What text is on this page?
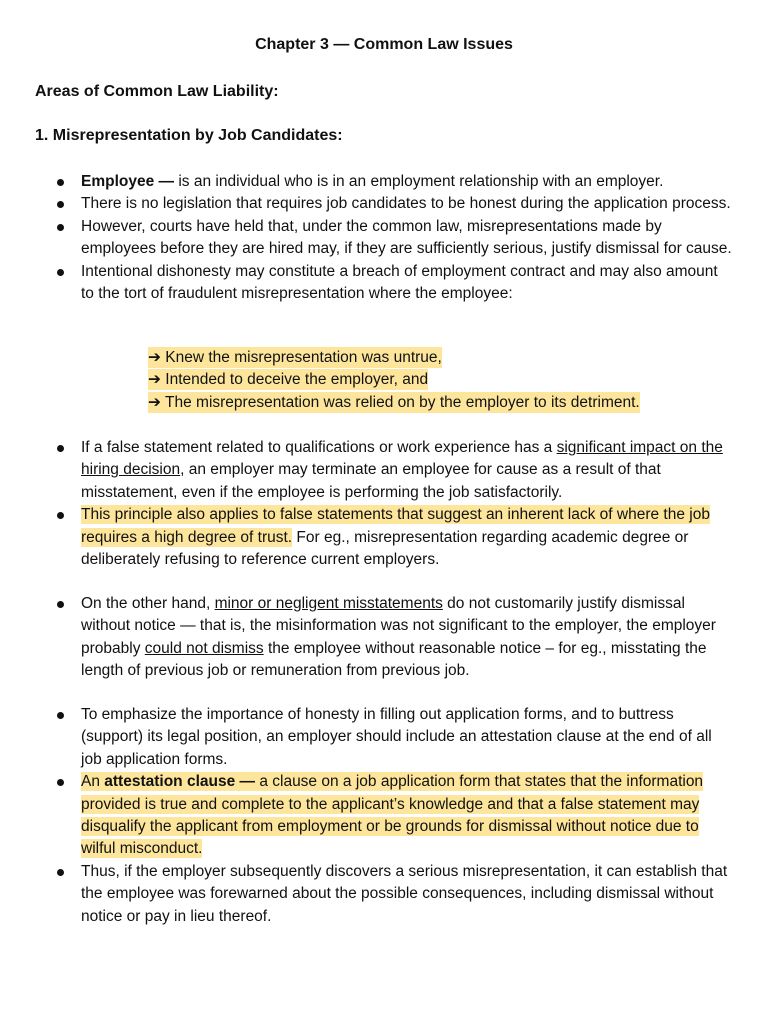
Chapter 3 — Common Law Issues
Areas of Common Law Liability:
1. Misrepresentation by Job Candidates:
Employee — is an individual who is in an employment relationship with an employer.
There is no legislation that requires job candidates to be honest during the application process.
However, courts have held that, under the common law, misrepresentations made by employees before they are hired may, if they are sufficiently serious, justify dismissal for cause.
Intentional dishonesty may constitute a breach of employment contract and may also amount to the tort of fraudulent misrepresentation where the employee:
➔ Knew the misrepresentation was untrue,
➔ Intended to deceive the employer, and
➔ The misrepresentation was relied on by the employer to its detriment.
If a false statement related to qualifications or work experience has a significant impact on the hiring decision, an employer may terminate an employee for cause as a result of that misstatement, even if the employee is performing the job satisfactorily.
This principle also applies to false statements that suggest an inherent lack of where the job requires a high degree of trust. For eg., misrepresentation regarding academic degree or deliberately refusing to reference current employers.
On the other hand, minor or negligent misstatements do not customarily justify dismissal without notice — that is, the misinformation was not significant to the employer, the employer probably could not dismiss the employee without reasonable notice – for eg., misstating the length of previous job or remuneration from previous job.
To emphasize the importance of honesty in filling out application forms, and to buttress (support) its legal position, an employer should include an attestation clause at the end of all job application forms.
An attestation clause — a clause on a job application form that states that the information provided is true and complete to the applicant’s knowledge and that a false statement may disqualify the applicant from employment or be grounds for dismissal without notice due to wilful misconduct.
Thus, if the employer subsequently discovers a serious misrepresentation, it can establish that the employee was forewarned about the possible consequences, including dismissal without notice or pay in lieu thereof.
